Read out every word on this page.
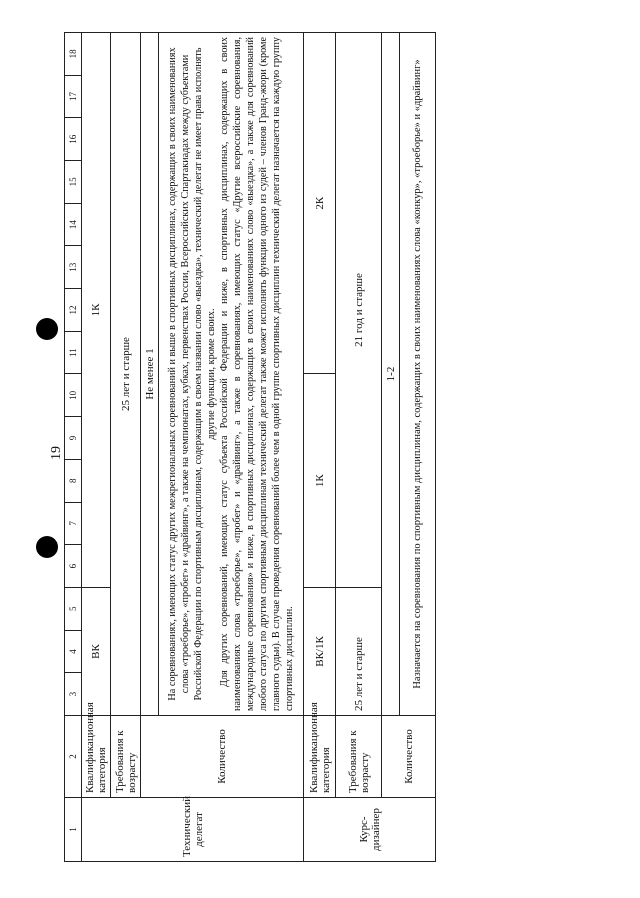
19
1	2	3	4	5	6	7	8	9	10	11	12	13	14	15	16	17	18
Технический делегат	Квалификационная категория	ВК			1К												
	Требования к возрасту	25 лет и старше															
	Количество	Не менее 1															

		На соревнованиях, имеющих статус других межрегиональных соревнований и выше в спортивных дисциплинах, содержащих в своих наименованиях слова «троеборье», «пробег» и «драйвинг», а также на чемпионатах, кубках, первенствах России, Всероссийских Спартакиадах между субъектами Российской Федерации по спортивным дисциплинам, содержащим в своем названии слово «выездка», технический делегат не имеет права исполнять другие функции, кроме своих. Для других соревнований, имеющих статус субъекта Российской Федерации и ниже, в спортивных дисциплинах, содержащих в своих наименованиях слова «троеборье», «пробег» и «драйвинг», а также в соревнованиях, имеющих статус «Другие всероссийские соревнования, международные соревнования» и ниже, в спортивных дисциплинах, содержащих в своих наименованиях слово «выездка», а также для соревнований любого статуса по другим спортивным дисциплинам технический делегат также может исполнять функции одного из судей – членов Гранд-жюри (кроме главного судьи). В случае проведения соревнований более чем в одной группе спортивных дисциплин технический делегат назначается на каждую группу спортивных дисциплин.															

Курс-дизайнер	Квалификационная категория	ВК/1К			1К					2К							
	Требования к возрасту	25 лет и старше			21 год и старше												
	Количество	1-2															
		Назначается на соревнования по спортивным дисциплинам, содержащих в своих наименованиях слова «конкур», «троеборье» и «драйвинг»															
